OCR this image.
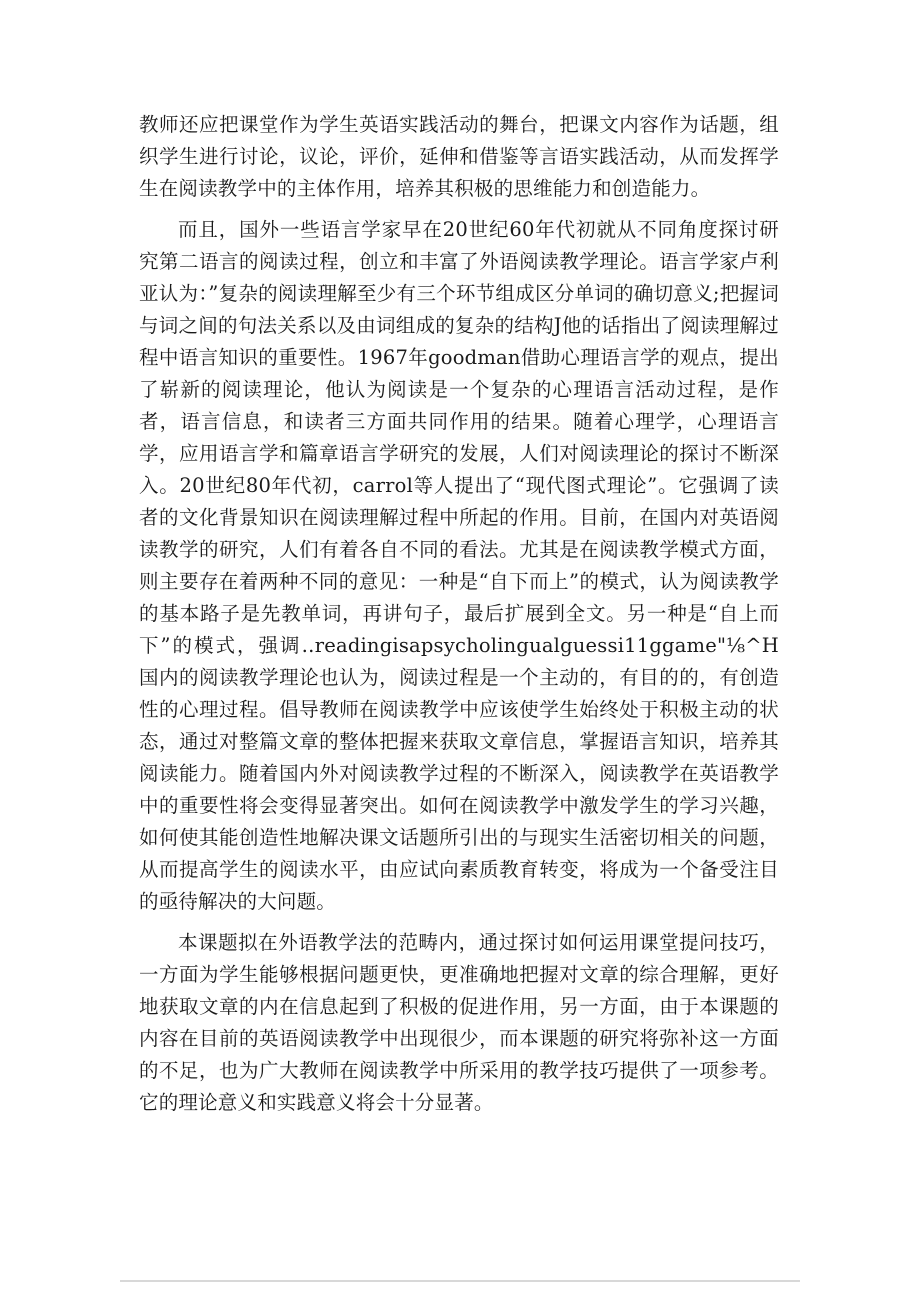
教师还应把课堂作为学生英语实践活动的舞台，把课文内容作为话题，组织学生进行讨论，议论，评价，延伸和借鉴等言语实践活动，从而发挥学生在阅读教学中的主体作用，培养其积极的思维能力和创造能力。

而且，国外一些语言学家早在20世纪60年代初就从不同角度探讨研究第二语言的阅读过程，创立和丰富了外语阅读教学理论。语言学家卢利亚认为：”复杂的阅读理解至少有三个环节组成区分单词的确切意义;把握词与词之间的句法关系以及由词组成的复杂的结构J他的话指出了阅读理解过程中语言知识的重要性。1967年goodman借助心理语言学的观点，提出了崭新的阅读理论，他认为阅读是一个复杂的心理语言活动过程，是作者，语言信息，和读者三方面共同作用的结果。随着心理学，心理语言学，应用语言学和篇章语言学研究的发展，人们对阅读理论的探讨不断深入。20世纪80年代初，carrol等人提出了“现代图式理论”。它强调了读者的文化背景知识在阅读理解过程中所起的作用。目前，在国内对英语阅读教学的研究，人们有着各自不同的看法。尤其是在阅读教学模式方面，则主要存在着两种不同的意见：一种是“自下而上”的模式，认为阅读教学的基本路子是先教单词，再讲句子，最后扩展到全文。另一种是“自上而下”的模式，强调‥readingisapsycholingualguessi11ggame"⅛^H国内的阅读教学理论也认为，阅读过程是一个主动的，有目的的，有创造性的心理过程。倡导教师在阅读教学中应该使学生始终处于积极主动的状态，通过对整篇文章的整体把握来获取文章信息，掌握语言知识，培养其阅读能力。随着国内外对阅读教学过程的不断深入，阅读教学在英语教学中的重要性将会变得显著突出。如何在阅读教学中激发学生的学习兴趣，如何使其能创造性地解决课文话题所引出的与现实生活密切相关的问题，从而提高学生的阅读水平，由应试向素质教育转变，将成为一个备受注目的亟待解决的大问题。

本课题拟在外语教学法的范畴内，通过探讨如何运用课堂提问技巧，一方面为学生能够根据问题更快，更准确地把握对文章的综合理解，更好地获取文章的内在信息起到了积极的促进作用，另一方面，由于本课题的内容在目前的英语阅读教学中出现很少，而本课题的研究将弥补这一方面的不足，也为广大教师在阅读教学中所采用的教学技巧提供了一项参考。它的理论意义和实践意义将会十分显著。
